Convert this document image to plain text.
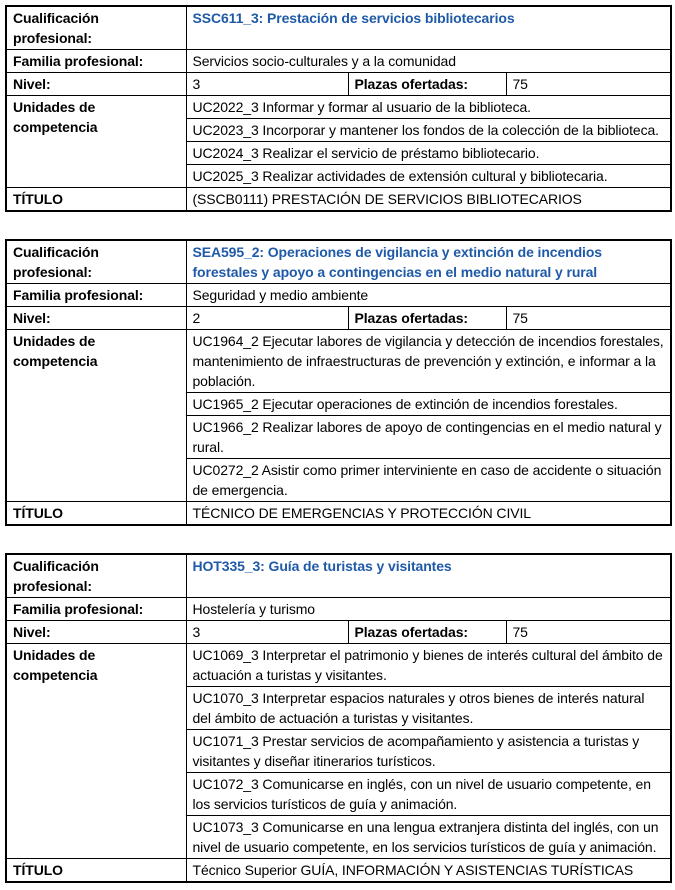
Cualificación profesional:	SSC611_3: Prestación de servicios bibliotecarios		
Familia profesional:	Servicios socio-culturales y a la comunidad		
Nivel:	3	Plazas ofertadas:	75
Unidades de competencia	UC2022_3 Informar y formar al usuario de la biblioteca.		
	UC2023_3 Incorporar y mantener los fondos de la colección de la biblioteca.		
	UC2024_3 Realizar el servicio de préstamo bibliotecario.		
	UC2025_3 Realizar actividades de extensión cultural y bibliotecaria.		
TÍTULO	(SSCB0111) PRESTACIÓN DE SERVICIOS BIBLIOTECARIOS		
Cualificación profesional:	SEA595_2: Operaciones de vigilancia y extinción de incendios forestales y apoyo a contingencias en el medio natural y rural		
Familia profesional:	Seguridad y medio ambiente		
Nivel:	2	Plazas ofertadas:	75
Unidades de competencia	UC1964_2 Ejecutar labores de vigilancia y detección de incendios forestales, mantenimiento de infraestructuras de prevención y extinción, e informar a la población.		
	UC1965_2 Ejecutar operaciones de extinción de incendios forestales.		
	UC1966_2 Realizar labores de apoyo de contingencias en el medio natural y rural.		
	UC0272_2 Asistir como primer interviniente en caso de accidente o situación de emergencia.		
TÍTULO	TÉCNICO DE EMERGENCIAS Y PROTECCIÓN CIVIL		
Cualificación profesional:	HOT335_3: Guía de turistas y visitantes		
Familia profesional:	Hostelería y turismo		
Nivel:	3	Plazas ofertadas:	75
Unidades de competencia	UC1069_3 Interpretar el patrimonio y bienes de interés cultural del ámbito de actuación a turistas y visitantes.		
	UC1070_3 Interpretar espacios naturales y otros bienes de interés natural del ámbito de actuación a turistas y visitantes.		
	UC1071_3 Prestar servicios de acompañamiento y asistencia a turistas y visitantes y diseñar itinerarios turísticos.		
	UC1072_3 Comunicarse en inglés, con un nivel de usuario competente, en los servicios turísticos de guía y animación.		
	UC1073_3 Comunicarse en una lengua extranjera distinta del inglés, con un nivel de usuario competente, en los servicios turísticos de guía y animación.		
TÍTULO	Técnico Superior GUÍA, INFORMACIÓN Y ASISTENCIAS TURÍSTICAS		
